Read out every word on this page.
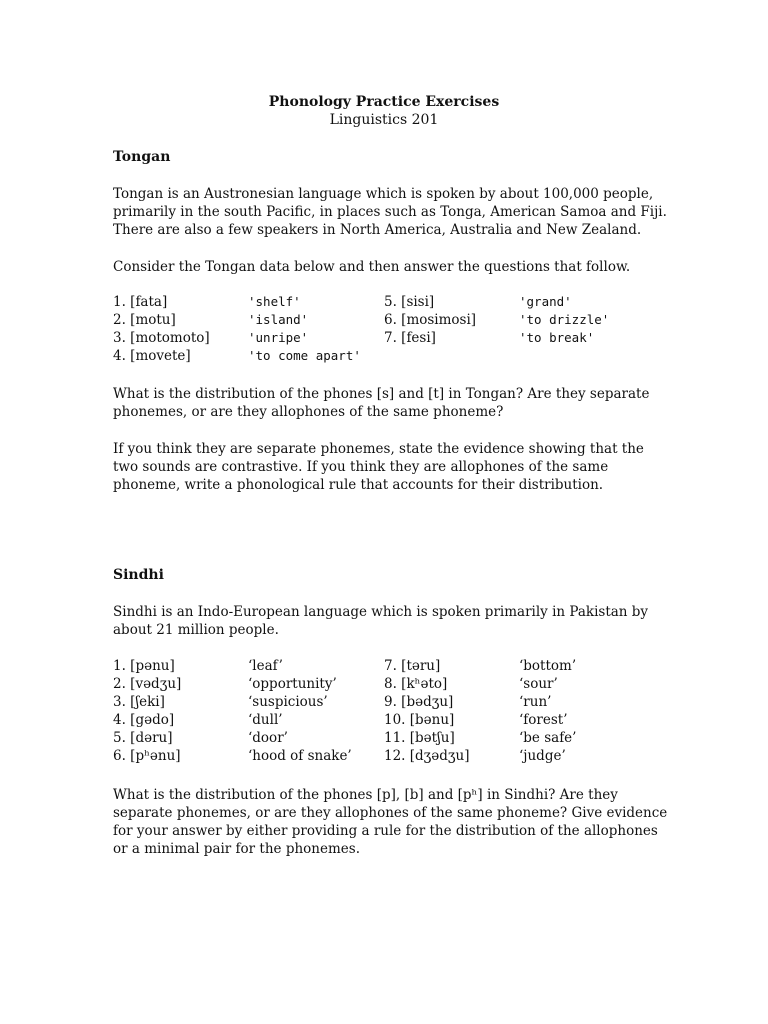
Phonology Practice Exercises
Linguistics 201
Tongan
Tongan is an Austronesian language which is spoken by about 100,000 people, primarily in the south Pacific, in places such as Tonga, American Samoa and Fiji. There are also a few speakers in North America, Australia and New Zealand.
Consider the Tongan data below and then answer the questions that follow.
1. [fata]	'shelf'	5. [sisi]	'grand'
2. [motu]	'island'	6. [mosimosi]	'to drizzle'
3. [motomoto]	'unripe'	7. [fesi]	'to break'
4. [movete]	'to come apart'
What is the distribution of the phones [s] and [t] in Tongan? Are they separate phonemes, or are they allophones of the same phoneme?
If you think they are separate phonemes, state the evidence showing that the two sounds are contrastive. If you think they are allophones of the same phoneme, write a phonological rule that accounts for their distribution.
Sindhi
Sindhi is an Indo-European language which is spoken primarily in Pakistan by about 21 million people.
1. [pənu]	‘leaf’	7. [təru]	‘bottom’
2. [vədʒu]	‘opportunity’	8. [kʰəto]	‘sour’
3. [ʃeki]	‘suspicious’	9. [bədʒu]	‘run’
4. [gədo]	‘dull’	10. [bənu]	‘forest’
5. [dəru]	‘door’	11. [bətʃu]	‘be safe’
6. [pʰənu]	‘hood of snake’ 12. [dʒədʒu]	‘judge’
What is the distribution of the phones [p], [b] and [pʰ] in Sindhi? Are they separate phonemes, or are they allophones of the same phoneme? Give evidence for your answer by either providing a rule for the distribution of the allophones or a minimal pair for the phonemes.
